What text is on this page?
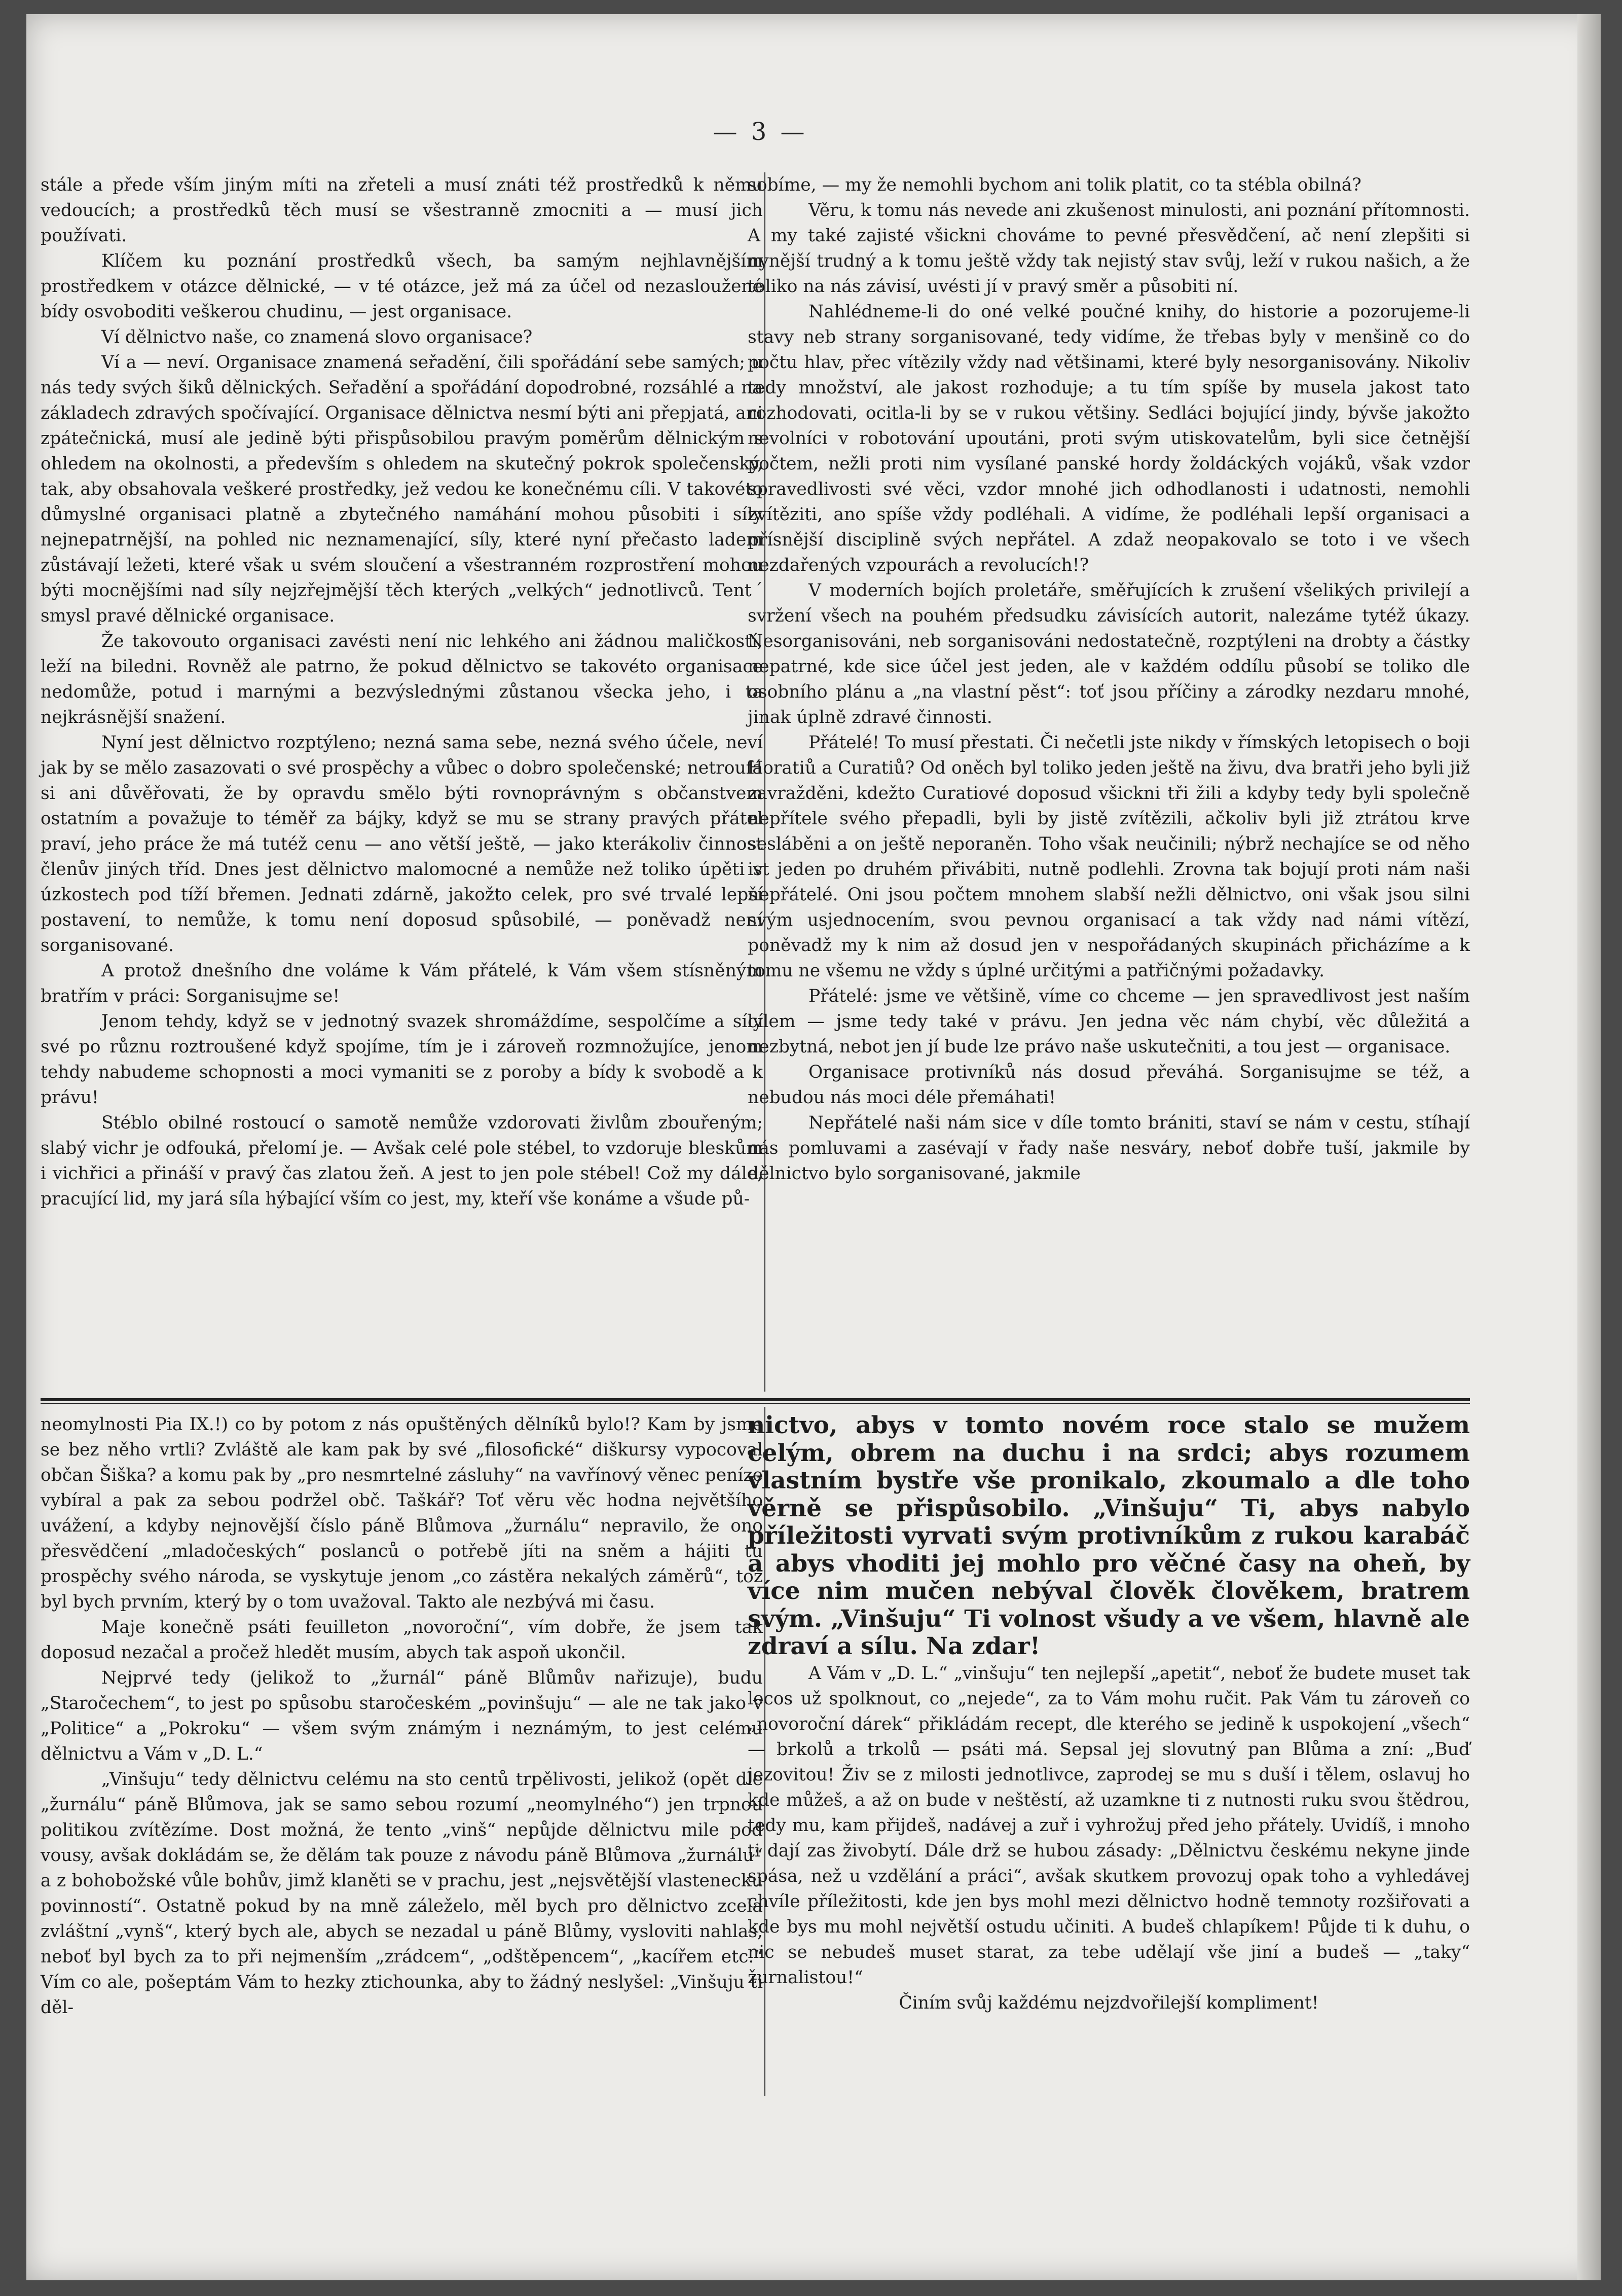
— 3 —

stále a přede vším jiným míti na zřeteli a musí znáti též prostředků k němu vedoucích; a prostředků těch musí se všestranně zmocniti a — musí jich používati.

Klíčem ku poznání prostředků všech, ba samým nejhlavnějším prostředkem v otázce dělnické, — v té otázce, jež má za účel od nezasloužené bídy osvoboditi veškerou chudinu, — jest organisace.

Ví dělnictvo naše, co znamená slovo organisace?

Ví a — neví. Organisace znamená seřadění, čili spořádání sebe samých; u nás tedy svých šiků dělnických. Seřadění a spořádání dopodrobné, rozsáhlé a na základech zdravých spočívající. Organisace dělnictva nesmí býti ani přepjatá, ani zpátečnická, musí ale jedině býti přispůsobilou pravým poměrům dělnickým s ohledem na okolnosti, a především s ohledem na skutečný pokrok společenský, tak, aby obsahovala veškeré prostředky, jež vedou ke konečnému cíli. V takovéto důmyslné organisaci platně a zbytečného namáhání mohou působiti i síly nejnepatrnější, na pohled nic neznamenající, síly, které nyní přečasto ladem zůstávají ležeti, které však u svém sloučení a všestranném rozprostření mohou býti mocnějšími nad síly nejzřejmější těch kterých „velkých“ jednotlivců. Tentˊ smysl pravé dělnické organisace.

Že takovouto organisaci zavésti není nic lehkého ani žádnou maličkostí, leží na biledni. Rovněž ale patrno, že pokud dělnictvo se takovéto organisace nedomůže, potud i marnými a bezvýslednými zůstanou všecka jeho, i ta nejkrásnější snažení.

Nyní jest dělnictvo rozptýleno; nezná sama sebe, nezná svého účele, neví jak by se mělo zasazovati o své prospěchy a vůbec o dobro společenské; netroufá si ani důvěřovati, že by opravdu smělo býti rovnoprávným s občanstvem ostatním a považuje to téměř za bájky, když se mu se strany pravých přátel praví, jeho práce že má tutéž cenu — ano větší ještě, — jako kterákoliv činnost členův jiných tříd. Dnes jest dělnictvo malomocné a nemůže než toliko úpěti v úzkostech pod tíží břemen. Jednati zdárně, jakožto celek, pro své trvalé lepší postavení, to nemůže, k tomu není doposud spůsobilé, — poněvadž není sorganisované.

A protož dnešního dne voláme k Vám přátelé, k Vám všem stísněným bratřím v práci: Sorganisujme se!

Jenom tehdy, když se v jednotný svazek shromáždíme, sespolčíme a síly své po různu roztroušené když spojíme, tím je i zároveň rozmnožujíce, jenom tehdy nabudeme schopnosti a moci vymaniti se z poroby a bídy k svobodě a k právu!

Stéblo obilné rostoucí o samotě nemůže vzdorovati živlům zbouřeným; slabý vichr je odfouká, přelomí je. — Avšak celé pole stébel, to vzdoruje bleskům i vichřici a přináší v pravý čas zlatou žeň. A jest to jen pole stébel! Což my dále, pracující lid, my jará síla hýbající vším co jest, my, kteří vše konáme a všude pů-

sobíme, — my že nemohli bychom ani tolik platit, co ta stébla obilná?

Věru, k tomu nás nevede ani zkušenost minulosti, ani poznání přítomnosti. A my také zajisté všickni chováme to pevné přesvědčení, ač není zlepšiti si nynější trudný a k tomu ještě vždy tak nejistý stav svůj, leží v rukou našich, a že toliko na nás závisí, uvésti jí v pravý směr a působiti ní.

Nahlédneme-li do oné velké poučné knihy, do historie a pozorujeme-li stavy neb strany sorganisované, tedy vidíme, že třebas byly v menšině co do počtu hlav, přec vítězily vždy nad většinami, které byly nesorganisovány. Nikoliv tedy množství, ale jakost rozhoduje; a tu tím spíše by musela jakost tato rozhodovati, ocitla-li by se v rukou většiny. Sedláci bojující jindy, bývše jakožto nevolníci v robotování upoutáni, proti svým utiskovatelům, byli sice četnější počtem, nežli proti nim vysílané panské hordy žoldáckých vojáků, však vzdor spravedlivosti své věci, vzdor mnohé jich odhodlanosti i udatnosti, nemohli zvítěziti, ano spíše vždy podléhali. A vidíme, že podléhali lepší organisaci a přísnější disciplině svých nepřátel. A zdaž neopakovalo se toto i ve všech nezdařených vzpourách a revolucích!?

V moderních bojích proletáře, směřujících k zrušení všelikých privilejí a svržení všech na pouhém předsudku závisících autorit, nalezáme tytéž úkazy. Nesorganisováni, neb sorganisováni nedostatečně, rozptýleni na drobty a částky nepatrné, kde sice účel jest jeden, ale v každém oddílu působí se toliko dle osobního plánu a „na vlastní pěst“: toť jsou příčiny a zárodky nezdaru mnohé, jinak úplně zdravé činnosti.

Přátelé! To musí přestati. Či nečetli jste nikdy v římských letopisech o boji Horatiů a Curatiů? Od oněch byl toliko jeden ještě na živu, dva bratři jeho byli již zavražděni, kdežto Curatiové doposud všickni tři žili a kdyby tedy byli společně nepřítele svého přepadli, byli by jistě zvítězili, ačkoliv byli již ztrátou krve sesláběni a on ještě neporaněn. Toho však neučinili; nýbrž nechajíce se od něho ist jeden po druhém přivábiti, nutně podlehli. Zrovna tak bojují proti nám naši nepřátelé. Oni jsou počtem mnohem slabší nežli dělnictvo, oni však jsou silni svým usjednocením, svou pevnou organisací a tak vždy nad námi vítězí, poněvadž my k nim až dosud jen v nespořádaných skupinách přicházíme a k tomu ne všemu ne vždy s úplné určitými a patřičnými požadavky.

Přátelé: jsme ve většině, víme co chceme — jen spravedlivost jest naším cílem — jsme tedy také v právu. Jen jedna věc nám chybí, věc důležitá a nezbytná, nebot jen jí bude lze právo naše uskutečniti, a tou jest — organisace.

Organisace protivníků nás dosud převáhá. Sorganisujme se též, a nebudou nás moci déle přemáhati!

Nepřátelé naši nám sice v díle tomto brániti, staví se nám v cestu, stíhají nás pomluvami a zasévají v řady naše nesváry, neboť dobře tuší, jakmile by dělnictvo bylo sorganisované, jakmile

neomylnosti Pia IX.!) co by potom z nás opuštěných dělníků bylo!? Kam by jsme se bez něho vrtli? Zvláště ale kam pak by své „filosofické“ diškursy vypocoval občan Šiška? a komu pak by „pro nesmrtelné zásluhy“ na vavřínový věnec peníze vybíral a pak za sebou podržel obč. Taškář? Toť věru věc hodna největšího uvážení, a kdyby nejnovější číslo páně Blůmova „žurnálu“ nepravilo, že ono přesvědčení „mladočeských“ poslanců o potřebě jíti na sněm a hájiti tu prospěchy svého národa, se vyskytuje jenom „co zástěra nekalých záměrů“, tož byl bych prvním, který by o tom uvažoval. Takto ale nezbývá mi času.

Maje konečně psáti feuilleton „novoroční“, vím dobře, že jsem tak doposud nezačal a pročež hledět musím, abych tak aspoň ukončil.

Nejprvé tedy (jelikož to „žurnál“ páně Blůmův nařizuje), budu „Staročechem“, to jest po spůsobu staročeském „povinšuju“ — ale ne tak jako v „Politice“ a „Pokroku“ — všem svým známým i neznámým, to jest celému dělnictvu a Vám v „D. L.“

„Vinšuju“ tedy dělnictvu celému na sto centů trpělivosti, jelikož (opět dle „žurnálu“ páně Blůmova, jak se samo sebou rozumí „neomylného“) jen trpnou politikou zvítězíme. Dost možná, že tento „vinš“ nepůjde dělnictvu mile pod vousy, avšak dokládám se, že dělám tak pouze z návodu páně Blůmova „žurnálu“ a z bohobožské vůle bohův, jimž klaněti se v prachu, jest „nejsvětější vlastenecku povinností“. Ostatně pokud by na mně záleželo, měl bych pro dělnictvo zcela zvláštní „vynš“, který bych ale, abych se nezadal u páně Blůmy, vysloviti nahlas, neboť byl bych za to při nejmenším „zrádcem“, „odštěpencem“, „kacířem etc.“ Vím co ale, pošeptám Vám to hezky ztichounka, aby to žádný neslyšel: „Vinšuju ti děl-

nictvo, abys v tomto novém roce stalo se mužem celým, obrem na duchu i na srdci; abys rozumem vlastním bystře vše pronikalo, zkoumalo a dle toho věrně se přispůsobilo. „Vinšuju“ Ti, abys nabylo příležitosti vyrvati svým protivníkům z rukou karabáč a abys vhoditi jej mohlo pro věčné časy na oheň, by více nim mučen nebýval člověk člověkem, bratrem svým. „Vinšuju“ Ti volnost všudy a ve všem, hlavně ale zdraví a sílu. Na zdar!

A Vám v „D. L.“ „vinšuju“ ten nejlepší „apetit“, neboť že budete muset tak lecos už spolknout, co „nejede“, za to Vám mohu ručit. Pak Vám tu zároveň co „novoroční dárek“ přikládám recept, dle kterého se jedině k uspokojení „všech“ — brkolů a trkolů — psáti má. Sepsal jej slovutný pan Blůma a zní: „Buď jezovitou! Živ se z milosti jednotlivce, zaprodej se mu s duší i tělem, oslavuj ho kde můžeš, a až on bude v neštěstí, až uzamkne ti z nutnosti ruku svou štědrou, tedy mu, kam přijdeš, nadávej a zuř i vyhrožuj před jeho přátely. Uvidíš, i mnoho ti dají zas živobytí. Dále drž se hubou zásady: „Dělnictvu českému nekyne jinde spása, než u vzdělání a práci“, avšak skutkem provozuj opak toho a vyhledávej chvíle příležitosti, kde jen bys mohl mezi dělnictvo hodně temnoty rozšiřovati a kde bys mu mohl největší ostudu učiniti. A budeš chlapíkem! Půjde ti k duhu, o nic se nebudeš muset starat, za tebe udělají vše jiní a budeš — „taky“ žurnalistou!“

Činím svůj každému nejzdvořilejší kompliment!
